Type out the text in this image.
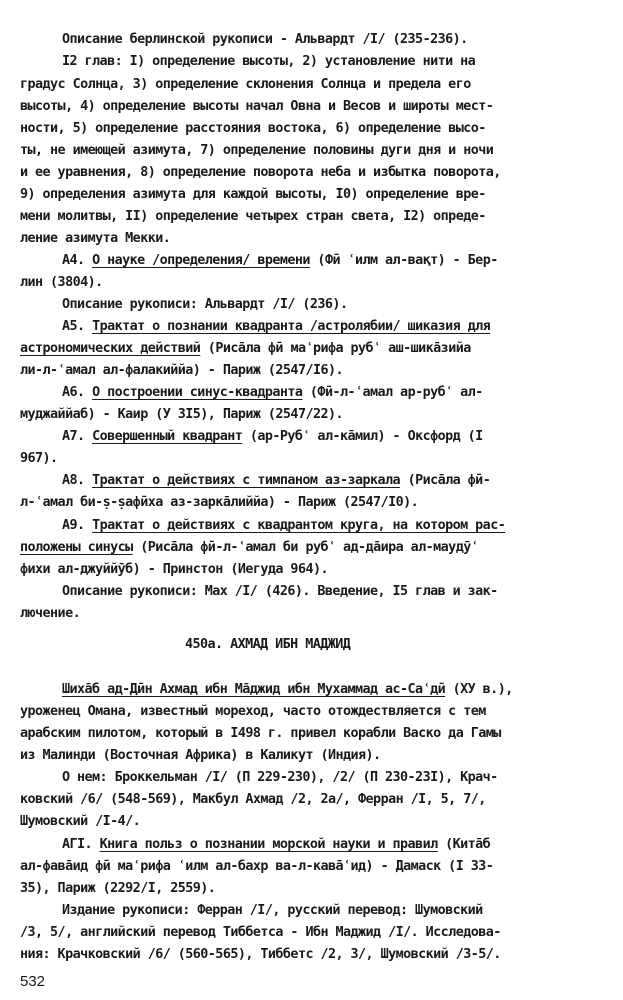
Описание берлинской рукописи - Альвардт /I/ (235-236).
I2 глав: I) определение высоты, 2) установление нити на
градус Солнца, 3) определение склонения Солнца и предела его
высоты, 4) определение высоты начал Овна и Весов и широты мест-
ности, 5) определение расстояния востока, 6) определение высо-
ты, не имеющей азимута, 7) определение половины дуги дня и ночи
и ее уравнения, 8) определение поворота неба и избытка поворота,
9) определения азимута для каждой высоты, I0) определение вре-
мени молитвы, II) определение четырех стран света, I2) опреде-
ление азимута Мекки.
А4. О науке /определения/ времени (Фӣ ʿилм ал-вақт) - Бер-
лин (3804).
Описание рукописи: Альвардт /I/ (236).
А5. Трактат о познании квадранта /астролябии/ шиказия для
астрономических действий (Рисāла фӣ маʿрифа рубʿ аш-шикāзийа
ли-л-ʿамал ал-фалакиййа) - Париж (2547/I6).
А6. О построении синус-квадранта (Фӣ-л-ʿамал ар-рубʿ ал-
муджаййаб) - Каир (У 3I5), Париж (2547/22).
А7. Совершенный квадрант (ар-Рубʿ ал-кāмил) - Оксфорд (I
967).
А8. Трактат о действиях с тимпаном аз-заркала (Рисāла фӣ-
л-ʿамал би-ṣ-ṣафӣха аз-заркāлиййа) - Париж (2547/I0).
А9. Трактат о действиях с квадрантом круга, на котором рас-
положены синусы (Рисāла фӣ-л-ʿамал би рубʿ ад-дāира ал-маудӯʿ
фихи ал-джуййӯб) - Принстон (Иегуда 964).
Описание рукописи: Мах /I/ (426). Введение, I5 глав и зак-
лючение.
450а. АХМАД ИБН МАДЖИД
Шихāб ад-Дӣн Ахмад ибн Мāджид ибн Мухаммад ас-Саʿдӣ (ХУ в.),
уроженец Омана, известный мореход, часто отождествляется с тем
арабским пилотом, который в I498 г. привел корабли Васко да Гамы
из Малинди (Восточная Африка) в Каликут (Индия).
О нем: Броккельман /I/ (П 229-230), /2/ (П 230-23I), Крач-
ковский /6/ (548-569), Макбул Ахмад /2, 2а/, Ферран /I, 5, 7/,
Шумовский /I-4/.
АГI. Книга польз о познании морской науки и правил (Китāб
ал-фавāид фӣ маʿрифа ʿилм ал-бахр ва-л-кавāʿид) - Дамаск (I 33-
35), Париж (2292/I, 2559).
Издание рукописи: Ферран /I/, русский перевод: Шумовский
/3, 5/, английский перевод Тиббетса - Ибн Маджид /I/. Исследова-
ния: Крачковский /6/ (560-565), Тиббетс /2, 3/, Шумовский /3-5/.
532
